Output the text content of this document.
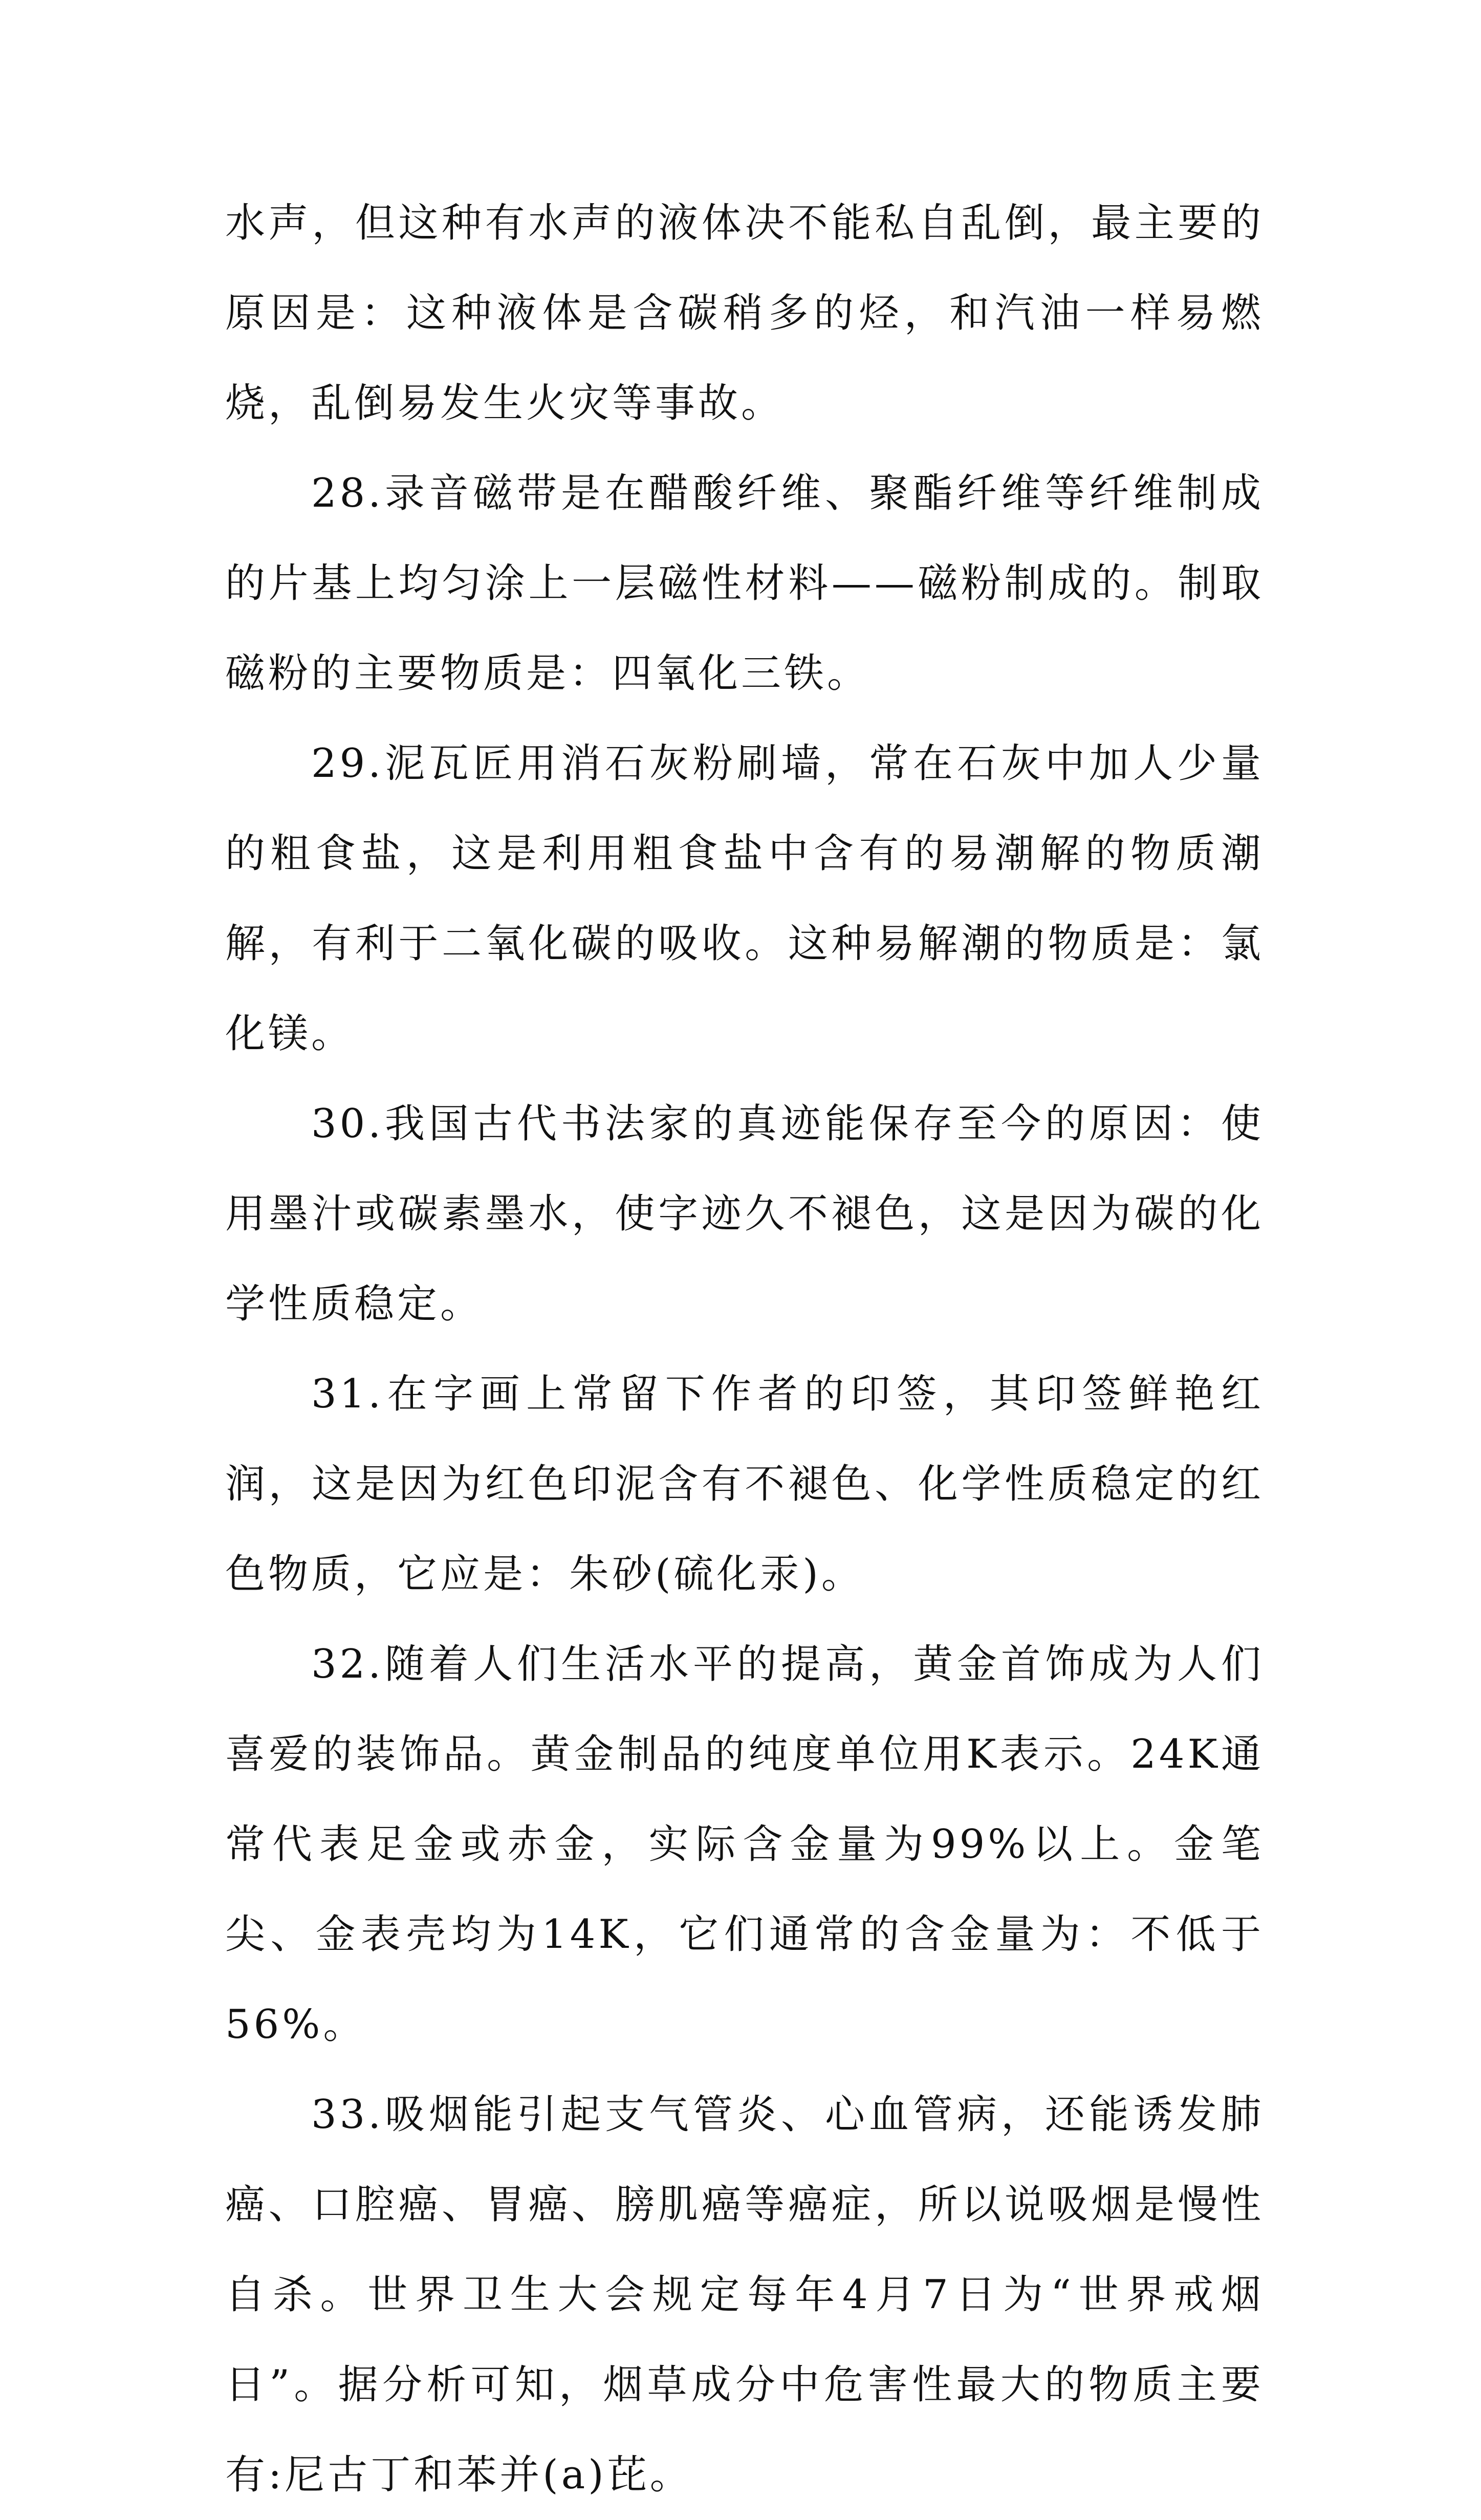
水声，但这种有水声的液体决不能私自乱倒，最主要的原因是：这种液体是含碳稍多的烃，和汽油一样易燃烧，乱倒易发生火灾等事故。

28.录音磁带是在醋酸纤维、聚酯纤维等纤维制成的片基上均匀涂上一层磁性材料——磁粉制成的。制取磁粉的主要物质是：四氧化三铁。

29.泥瓦匠用消石灰粉刷墙，常在石灰中加人少量的粗食盐，这是利用粗食盐中含有的易潮解的物质潮解，有利于二氧化碳的吸收。这种易解潮的物质是：氯化镁。

30.我国古代书法家的真迹能保存至今的原因：使用墨汁或碳素墨水，使字迹久不褪色，这是因为碳的化学性质稳定。

31.在字画上常留下作者的印签，其印签鲜艳红润，这是因为红色印泥含有不褪色、化学性质稳定的红色物质，它应是：朱砂(硫化汞)。

32.随着人们生活水平的提高，黄金首饰成为人们喜爱的装饰品。黄金制品的纯度单位用K表示。24K通常代表足金或赤金，实际含金量为99%以上。金笔尖、金表壳均为14K，它们通常的含金量为：不低于56%。

33.吸烟能引起支气管炎、心血管病，还能诱发肺癌、口腔癌、胃癌、膀肌癌等癌症，所以说吸烟是慢性自杀。世界卫生大会规定每年4月7日为“世界戒烟日”。据分析可知，烟草成分中危害性最大的物质主要有:尼古丁和苯并(a)芘。
